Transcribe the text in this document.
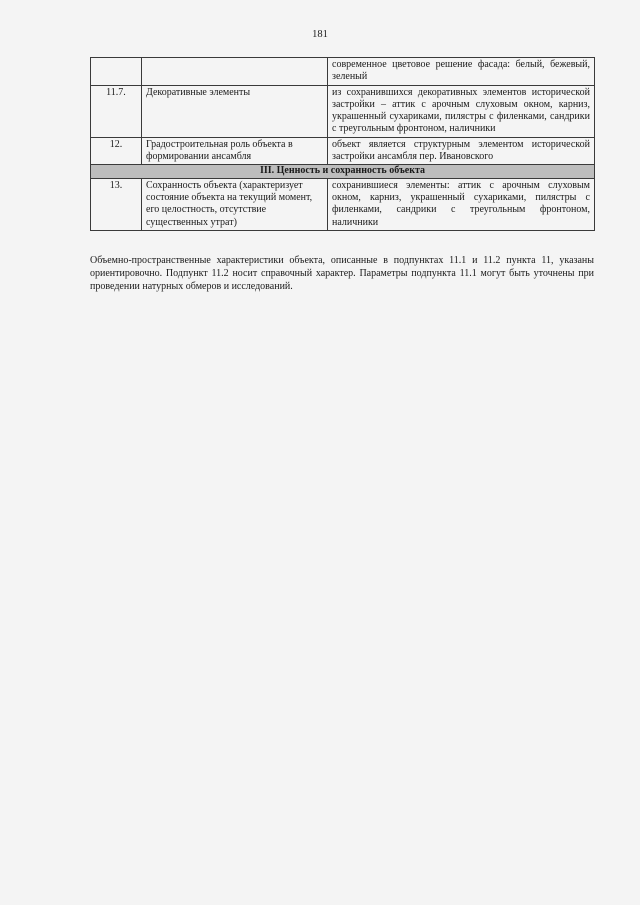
181
		современное цветовое решение фасада: белый, бежевый, зеленый
11.7.	Декоративные элементы	из сохранившихся декоративных элементов исторической застройки – аттик с арочным слуховым окном, карниз, украшенный сухариками, пилястры с филенками, сандрики с треугольным фронтоном, наличники
12.	Градостроительная роль объекта в формировании ансамбля	объект является структурным элементом исторической застройки ансамбля пер. Ивановского
III. Ценность и сохранность объекта		
13.	Сохранность объекта (характеризует состояние объекта на текущий момент, его целостность, отсутствие существенных утрат)	сохранившиеся элементы: аттик с арочным слуховым окном, карниз, украшенный сухариками, пилястры с филенками, сандрики с треугольным фронтоном, наличники

Объемно-пространственные характеристики объекта, описанные в подпунктах 11.1 и 11.2 пункта 11, указаны ориентировочно. Подпункт 11.2 носит справочный характер. Параметры подпункта 11.1 могут быть уточнены при проведении натурных обмеров и исследований.
